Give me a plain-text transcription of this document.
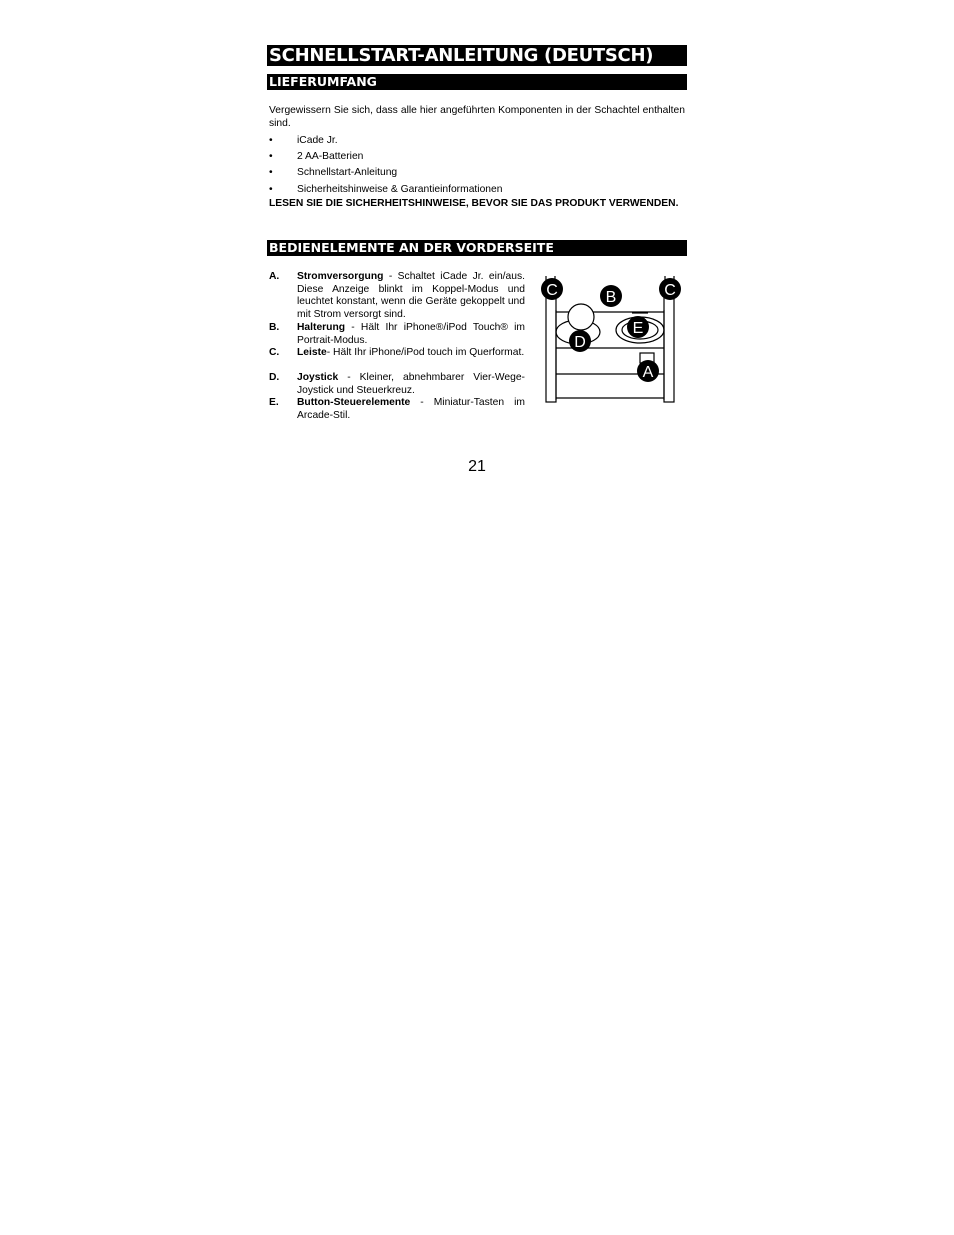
SCHNELLSTART-ANLEITUNG (DEUTSCH)
LIEFERUMFANG
Vergewissern Sie sich, dass alle hier angeführten Komponenten in der Schachtel enthalten sind.
•	iCade Jr.
•	2 AA-Batterien
•	Schnellstart-Anleitung
•	Sicherheitshinweise & Garantieinformationen
LESEN SIE DIE SICHERHEITSHINWEISE, BEVOR SIE DAS PRODUKT VERWENDEN.
BEDIENELEMENTE AN DER VORDERSEITE
A. Stromversorgung - Schaltet iCade Jr. ein/aus. Diese Anzeige blinkt im Koppel-Modus und leuchtet konstant, wenn die Geräte gekoppelt und mit Strom versorgt sind.
B. Halterung - Hält Ihr iPhone®/iPod Touch® im Portrait-Modus.
C. Leiste- Hält Ihr iPhone/iPod touch im Querformat.
D. Joystick - Kleiner, abnehmbarer Vier-Wege-Joystick und Steuerkreuz.
E. Button-Steuerelemente - Miniatur-Tasten im Arcade-Stil.
C	B	C
E
D
A
21
